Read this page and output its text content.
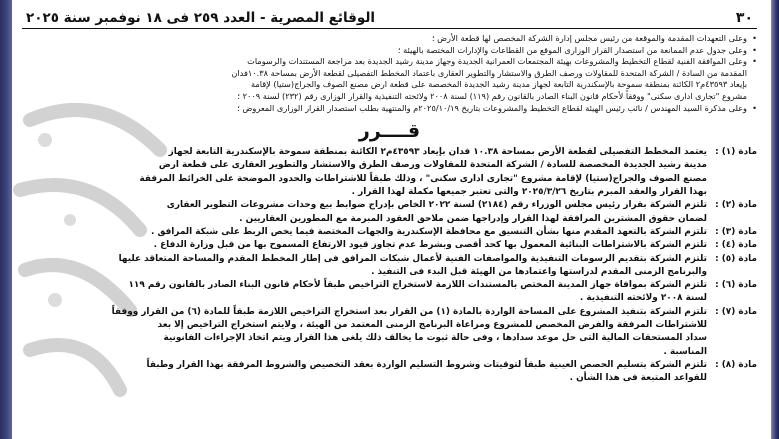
٣٠
الوقائع المصرية - العدد ٢٥٩ فى ١٨ نوفمبر سنة ٢٠٢٥
• وعلى التعهدات المقدمة والموقعة من رئيس مجلس إدارة الشركة المخصص لها قطعة الأرض ؛
• وعلى جدول عدم الممانعة من استصدار القرار الوزارى الموقع من القطاعات والإدارات المختصة بالهيئة ؛
• وعلى الموافقة الفنية لقطاع التخطيط والمشروعات بهيئة المجتمعات العمرانية الجديدة وجهاز مدينة رشيد الجديدة بعد مراجعة المستندات والرسومات
المقدمة من السادة / الشركة المتحدة للمقاولات ورصف الطرق والاستشار والتطوير العقارى باعتماد المخطط التفصيلى لقطعة الأرض بمساحة ١٠.٣٨فدان
بإيعاد ٤٣٥٩٣م٢ الكائنة بمنطقة سموحة بالإسكندرية التابعة لجهاز مدينة رشيد الجديدة المخصصة على قطعة ارض مصنع الصوف والجراج(ستيا) لإقامة
مشروع "تجارى ادارى سكنى" ووفقاً لأحكام قانون البناء الصادر بالقانون رقم (١١٩) لسنة ٢٠٠٨ ولائحته التنفيذية والقرار الوزارى رقم (٢٣٢) لسنة ٢٠٠٩ ؛
• وعلى مذكرة السيد المهندس / نائب رئيس الهيئة لقطاع التخطيط والمشروعات بتاريخ ٢٠٢٥/١٠/١٩م والمنتهية بطلب استصدار القرار الوزارى المعروض ؛
قــــرر
مادة (١) :
يعتمد المخطط التفصيلى لقطعة الأرض بمساحة ١٠.٣٨ فدان بإيعاد ٤٣٥٩٣م٢ الكائنة بمنطقة سموحة بالإسكندرية التابعة لجهاز
مدينة رشيد الجديدة المخصصة للسادة / الشركة المتحدة للمقاولات ورصف الطرق والاستشار والتطوير العقارى على قطعة ارض
مصنع الصوف والجراج(ستيا) لإقامة مشروع "تجارى ادارى سكنى" ، وذلك طبقاً للاشتراطات والحدود الموضحة على الخرائط المرفقة
بهذا القرار والعقد المبرم بتاريخ ٢٠٢٥/٣/٢٦ والتى تعتبر جميعها مكملة لهذا القرار .
مادة (٢) :
تلتزم الشركة بقرار رئيس مجلس الوزراء رقم (٢١٨٤) لسنة ٢٠٢٢ الخاص بإدراج ضوابط بيع وحدات مشروعات التطوير العقارى
لضمان حقوق المشترين المرافقة لهذا القرار وإدراجها ضمن ملاحق العقود المبرمة مع المطورين العقاريين .
مادة (٣) :
تلتزم الشركة بالتعهد المقدم منها بشأن التنسيق مع محافظة الإسكندرية والجهات المختصة فيما يخص الربط على شبكة المرافق .
مادة (٤) :
تلتزم الشركة بالاشتراطات البنائية المعمول بها كحد أقصى وبشرط عدم تجاوز قيود الارتفاع المسموح بها من قبل وزارة الدفاع .
مادة (٥) :
تلتزم الشركة بتقديم الرسومات التنفيذية والمواصفات الفنية لأعمال شبكات المرافق فى إطار المخطط المقدم والمساحة المتعاقد عليها
والبرنامج الزمنى المقدم لدراستها واعتمادها من الهيئة قبل البدء فى التنفيذ .
مادة (٦) :
تلتزم الشركة بموافاة جهاز المدينة المختص بالمستندات اللازمة لاستخراج التراخيص طبقاً لأحكام قانون البناء الصادر بالقانون رقم ١١٩
لسنة ٢٠٠٨ ولائحته التنفيذية .
مادة (٧) :
تلتزم الشركة بتنفيذ المشروع على المساحة الواردة بالمادة (١) من القرار بعد استخراج التراخيص اللازمة طبقاً للمادة (٦) من القرار ووفقاً
للاشتراطات المرفقة والفرض المخصص للمشروع ومراعاة البرنامج الزمنى المعتمد من الهيئة ، ولايتم استخراج التراخيص إلا بعد
سداد المستحقات المالية التى حل موعد سدادها ، وفى حالة ثبوت ما يخالف ذلك يلغى هذا القرار ويتم اتخاذ الإجراءات القانونية
المناسبة .
مادة (٨) :
تلتزم الشركة بتسليم الحصص العينية طبقاً لتوقيتات وشروط التسليم الواردة بعقد التخصيص والشروط المرفقة بهذا القرار وطبقاً
للقواعد المتبعة فى هذا الشأن .
